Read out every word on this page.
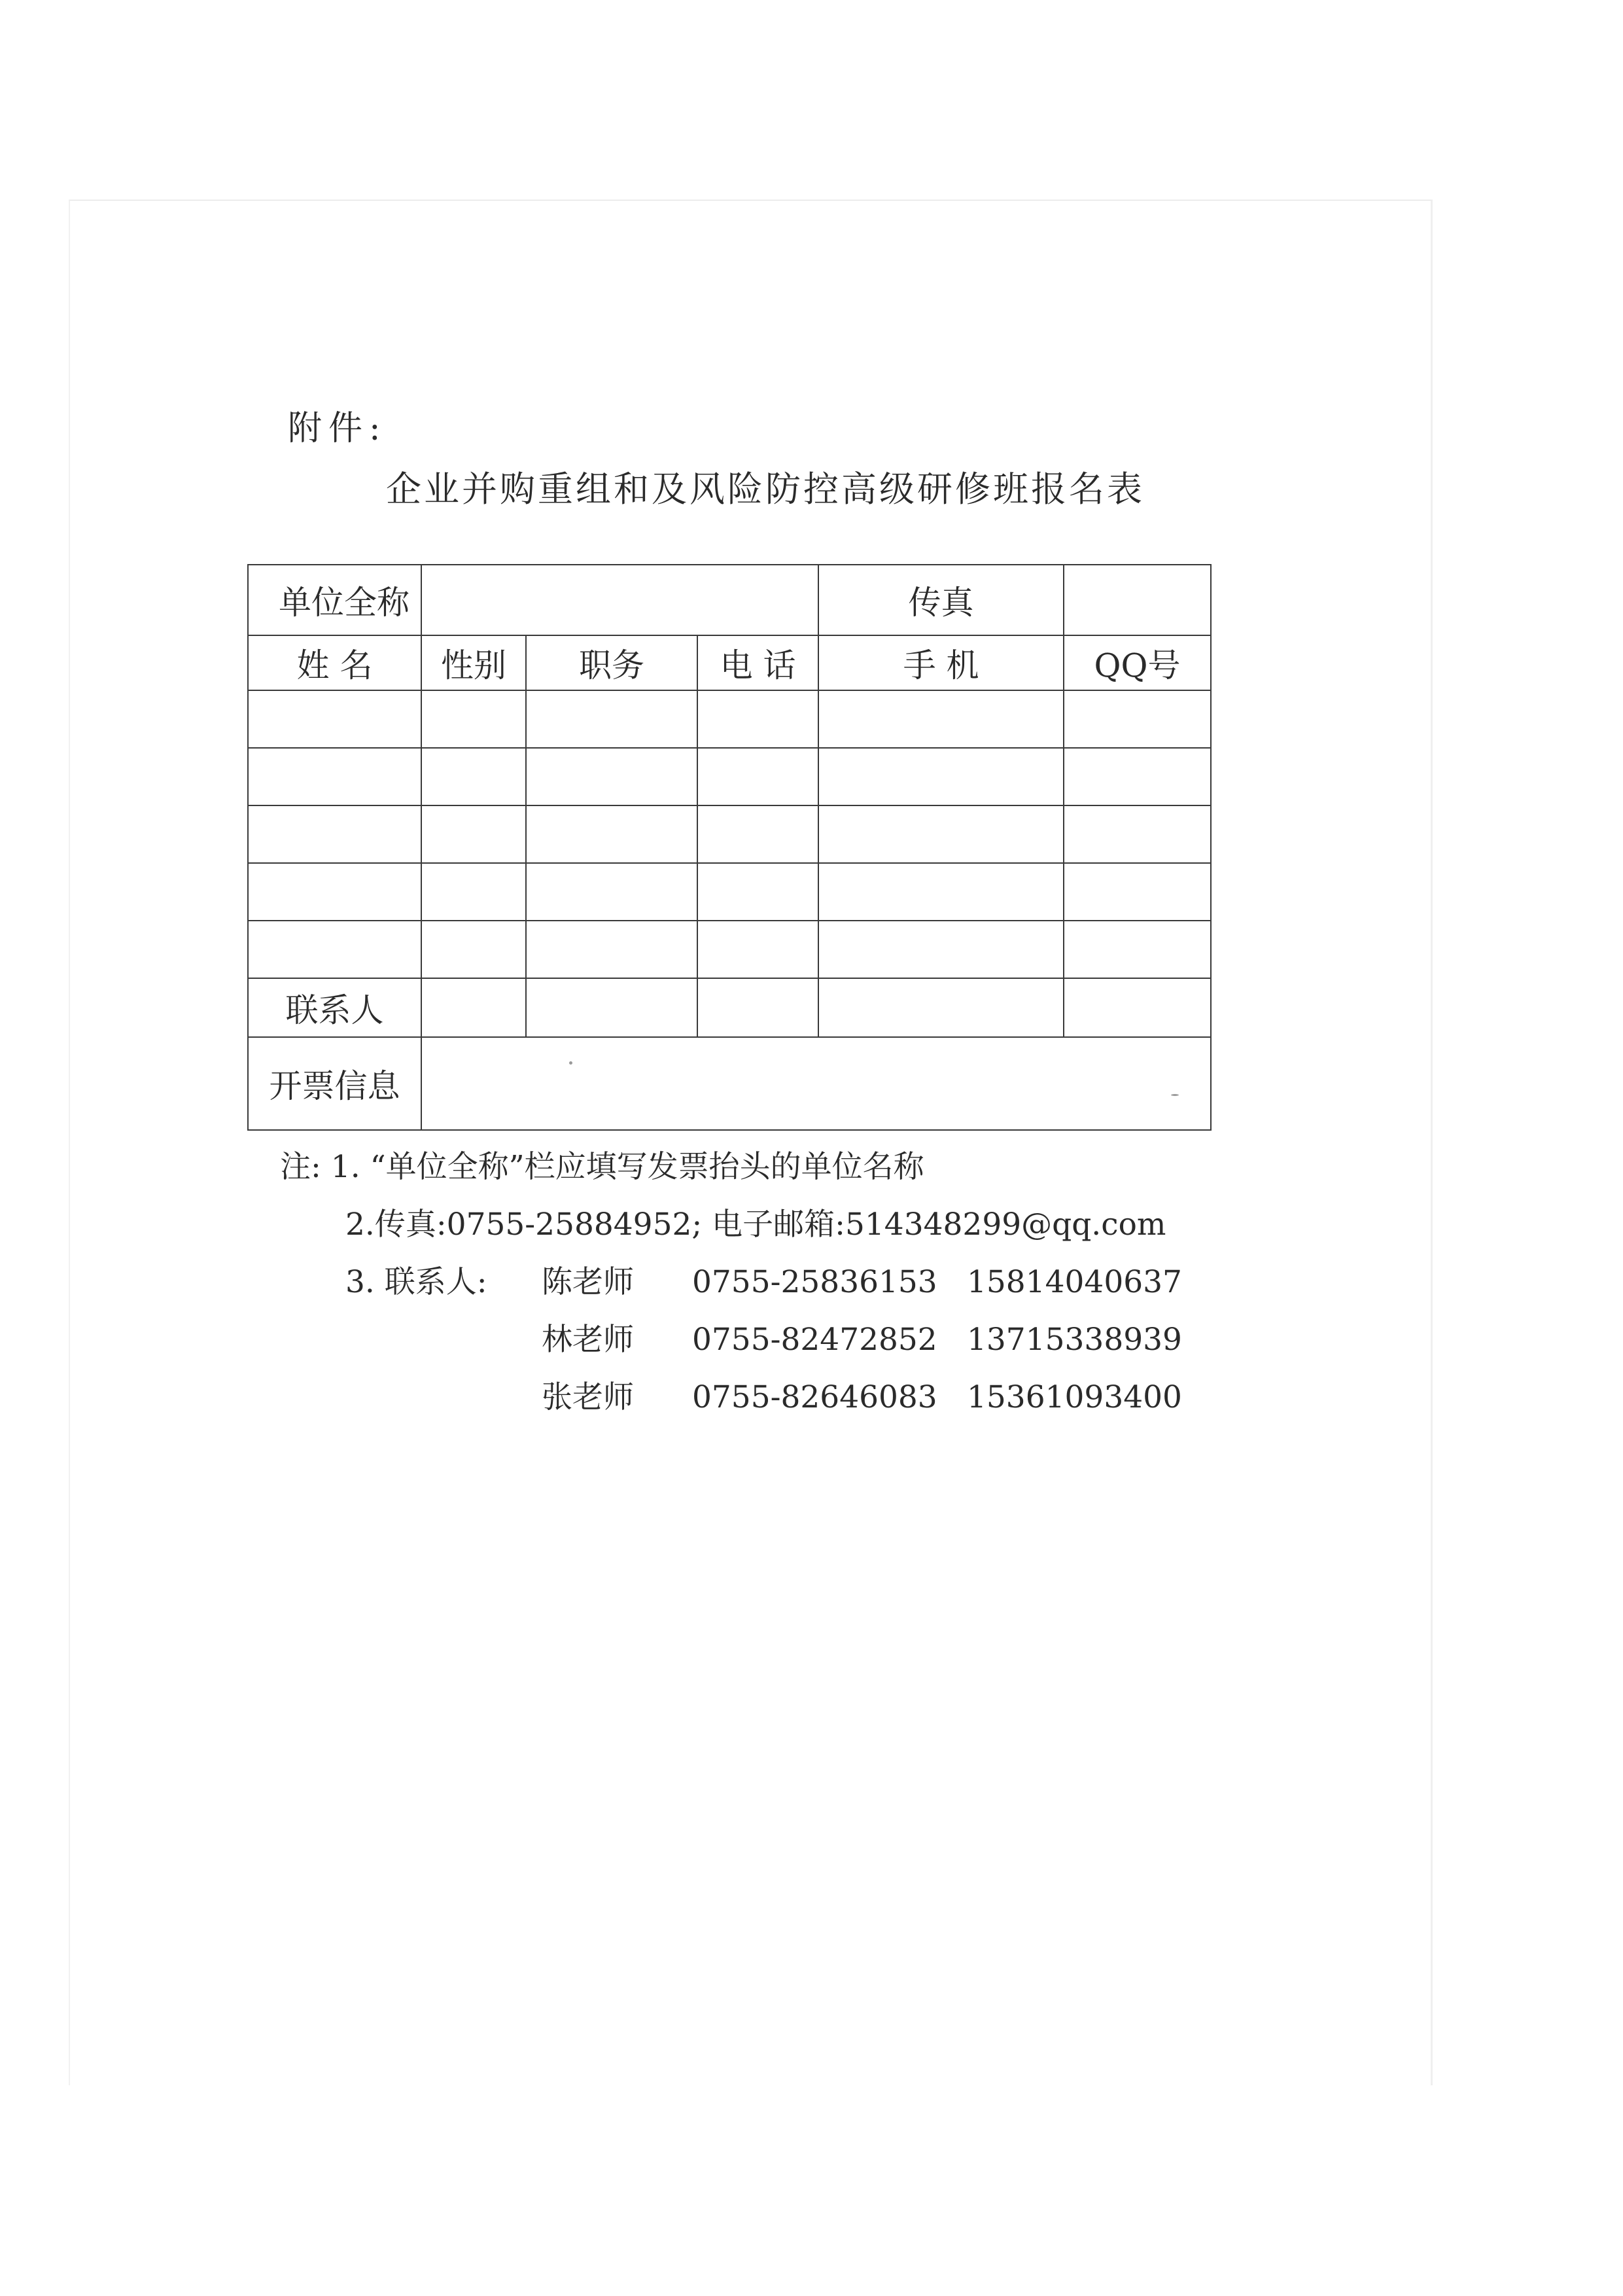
附件:
企业并购重组和及风险防控高级研修班报名表
单位全称				传真	
姓 名	性别	职务	电 话	手 机	QQ号

联系人					
开票信息					
注: 1. “单位全称”栏应填写发票抬头的单位名称
2.传真:0755-25884952; 电子邮箱:514348299@qq.com
3. 联系人:	陈老师	0755-25836153 15814040637
林老师	0755-82472852 13715338939
张老师	0755-82646083 15361093400
